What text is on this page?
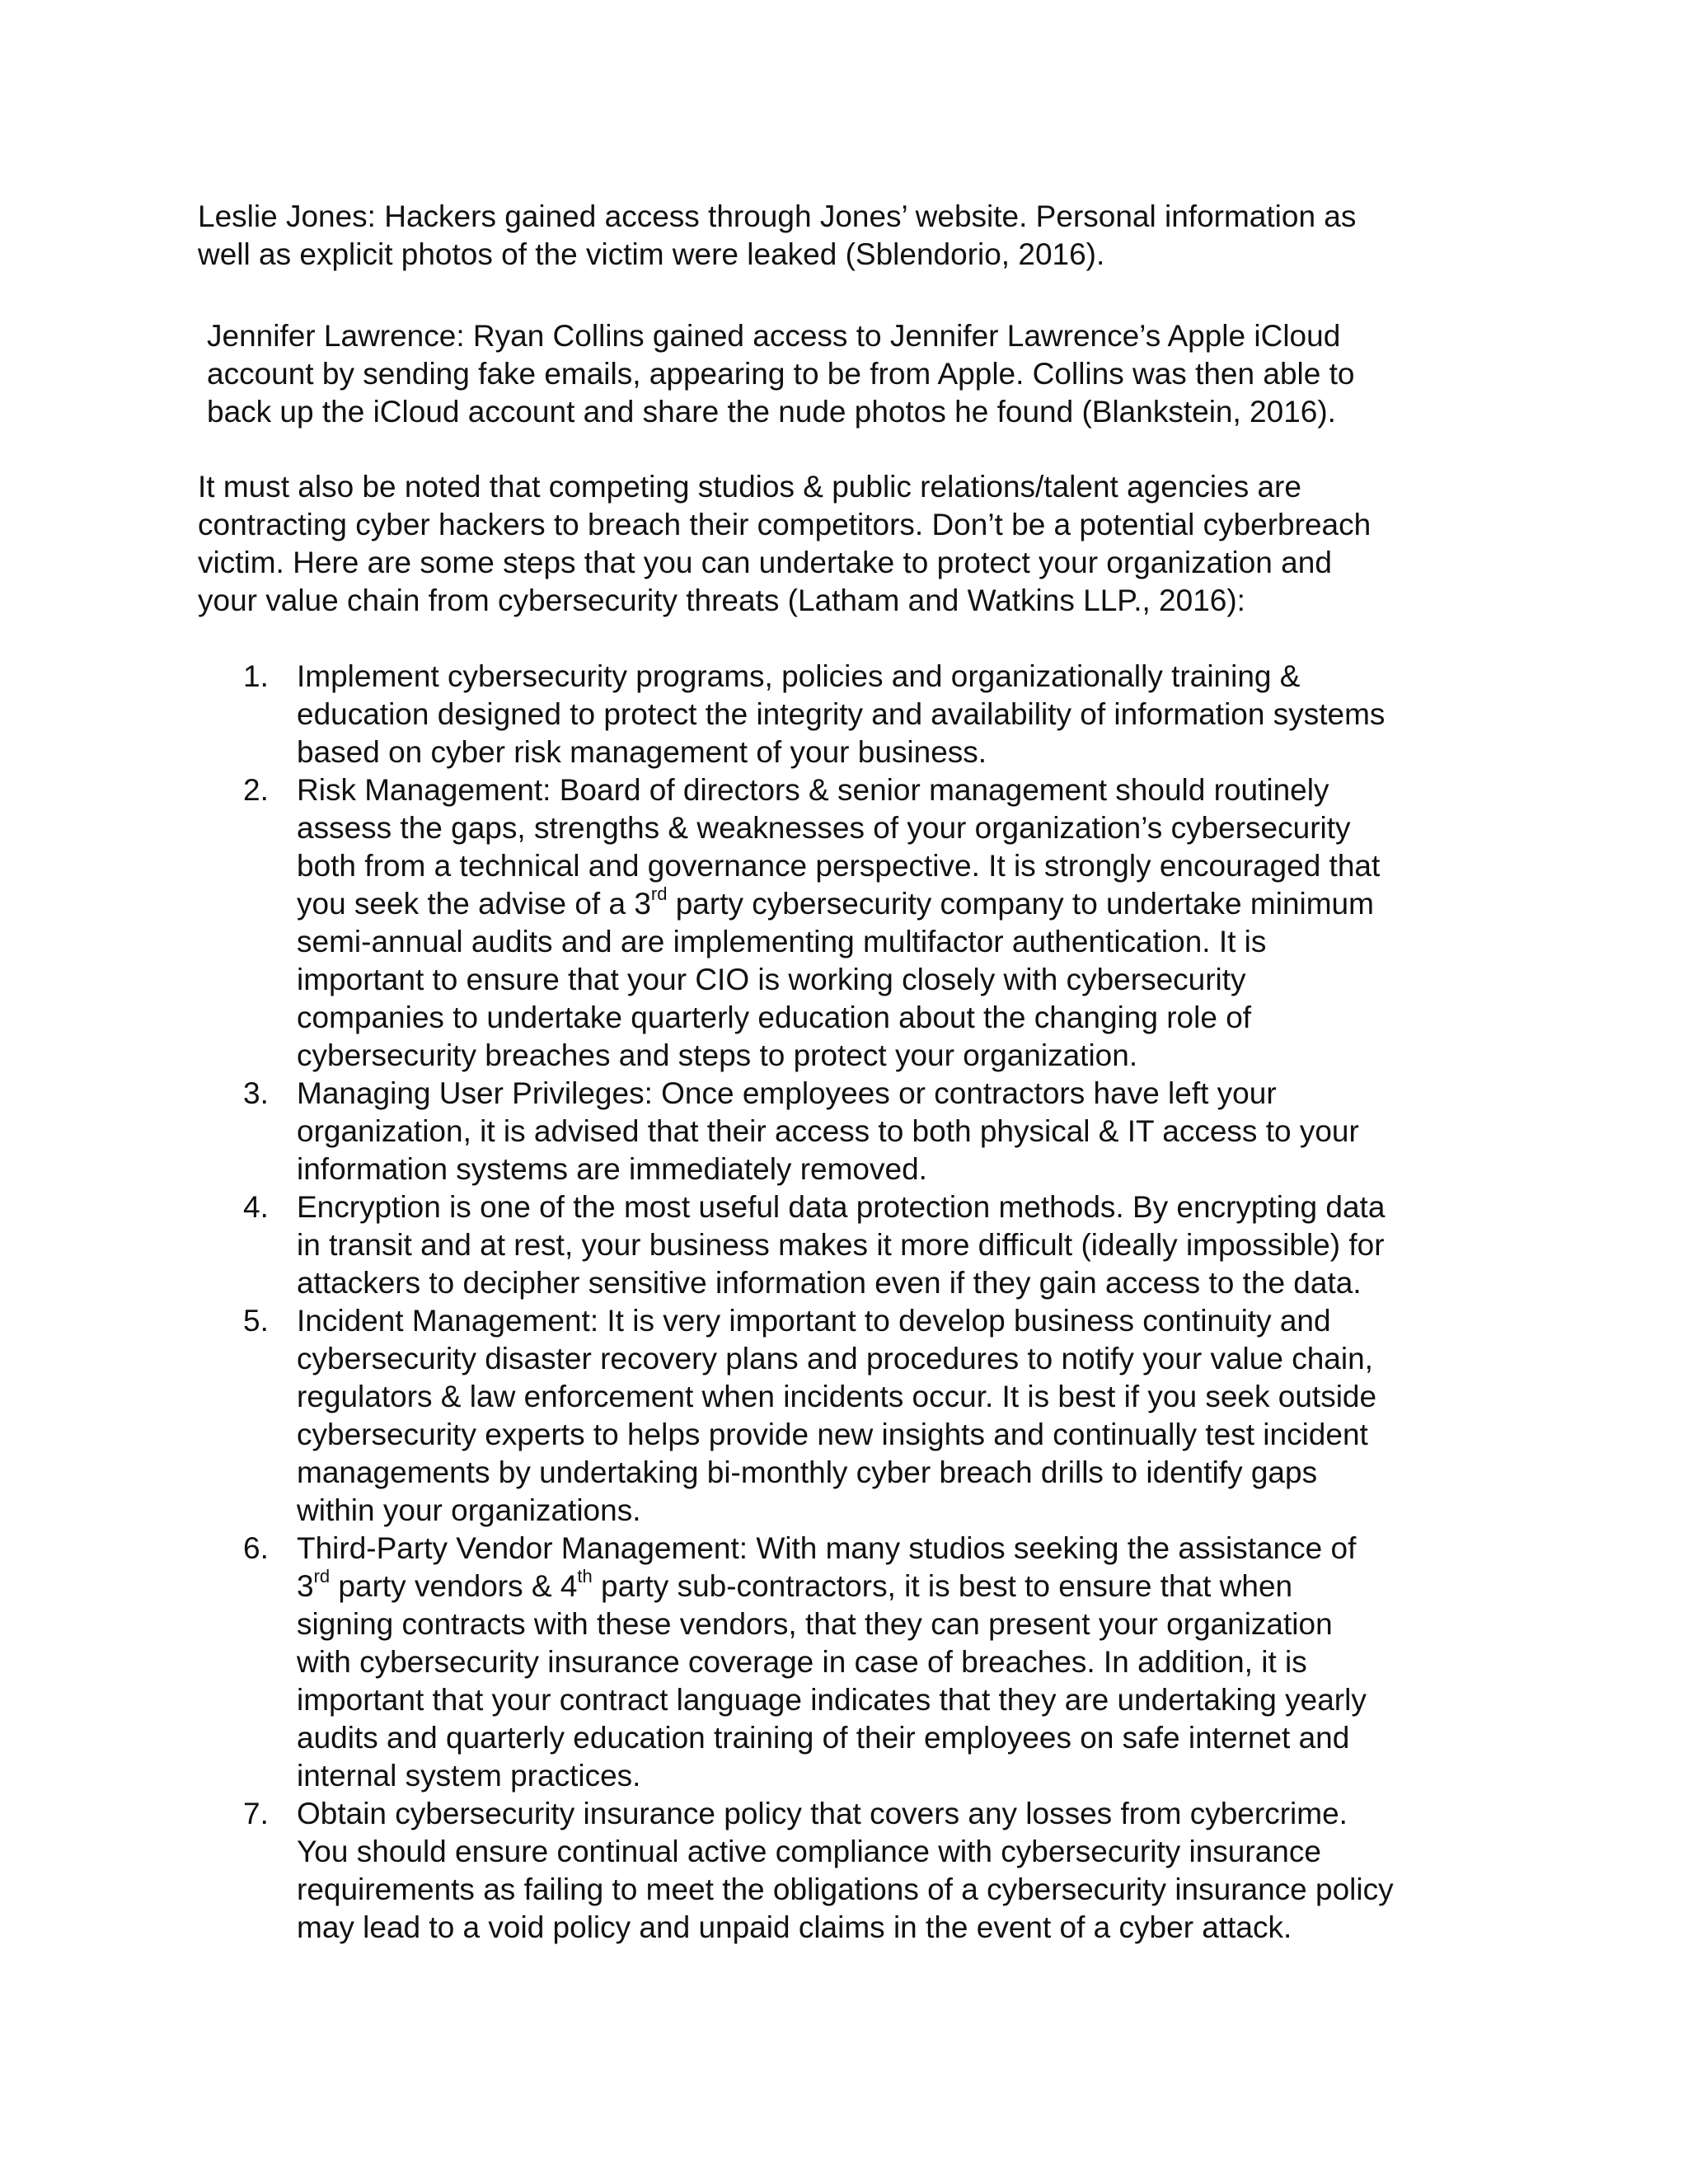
Leslie Jones: Hackers gained access through Jones’ website. Personal information as
well as explicit photos of the victim were leaked (Sblendorio, 2016).

Jennifer Lawrence: Ryan Collins gained access to Jennifer Lawrence’s Apple iCloud
account by sending fake emails, appearing to be from Apple. Collins was then able to
back up the iCloud account and share the nude photos he found (Blankstein, 2016).

It must also be noted that competing studios & public relations/talent agencies are
contracting cyber hackers to breach their competitors. Don’t be a potential cyberbreach
victim. Here are some steps that you can undertake to protect your organization and
your value chain from cybersecurity threats (Latham and Watkins LLP., 2016):

1. Implement cybersecurity programs, policies and organizationally training &
education designed to protect the integrity and availability of information systems
based on cyber risk management of your business.
2. Risk Management: Board of directors & senior management should routinely
assess the gaps, strengths & weaknesses of your organization’s cybersecurity
both from a technical and governance perspective. It is strongly encouraged that
you seek the advise of a 3rd party cybersecurity company to undertake minimum
semi-annual audits and are implementing multifactor authentication. It is
important to ensure that your CIO is working closely with cybersecurity
companies to undertake quarterly education about the changing role of
cybersecurity breaches and steps to protect your organization.
3. Managing User Privileges: Once employees or contractors have left your
organization, it is advised that their access to both physical & IT access to your
information systems are immediately removed.
4. Encryption is one of the most useful data protection methods. By encrypting data
in transit and at rest, your business makes it more difficult (ideally impossible) for
attackers to decipher sensitive information even if they gain access to the data.
5. Incident Management: It is very important to develop business continuity and
cybersecurity disaster recovery plans and procedures to notify your value chain,
regulators & law enforcement when incidents occur. It is best if you seek outside
cybersecurity experts to helps provide new insights and continually test incident
managements by undertaking bi-monthly cyber breach drills to identify gaps
within your organizations.
6. Third-Party Vendor Management: With many studios seeking the assistance of
3rd party vendors & 4th party sub-contractors, it is best to ensure that when
signing contracts with these vendors, that they can present your organization
with cybersecurity insurance coverage in case of breaches. In addition, it is
important that your contract language indicates that they are undertaking yearly
audits and quarterly education training of their employees on safe internet and
internal system practices.
7. Obtain cybersecurity insurance policy that covers any losses from cybercrime.
You should ensure continual active compliance with cybersecurity insurance
requirements as failing to meet the obligations of a cybersecurity insurance policy
may lead to a void policy and unpaid claims in the event of a cyber attack.
